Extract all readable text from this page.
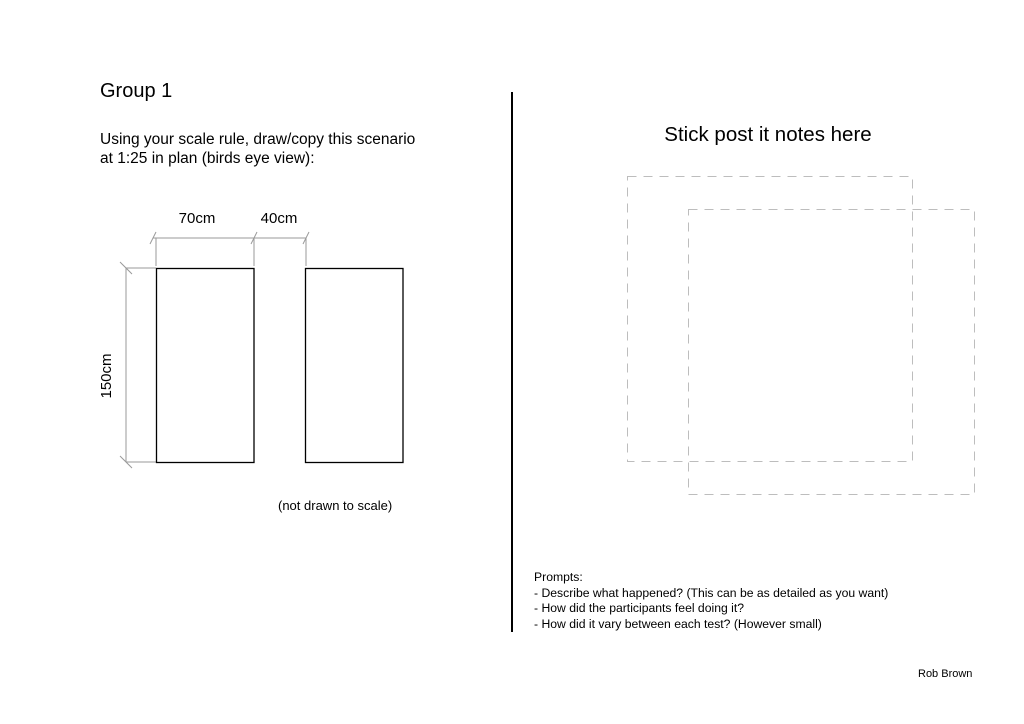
Group 1
Using your scale rule, draw/copy this scenario
at 1:25 in plan (birds eye view):
70cm	40cm
150cm
(not drawn to scale)
Stick post it notes here
Prompts:
- Describe what happened? (This can be as detailed as you want)
- How did the participants feel doing it?
- How did it vary between each test? (However small)
Rob Brown
